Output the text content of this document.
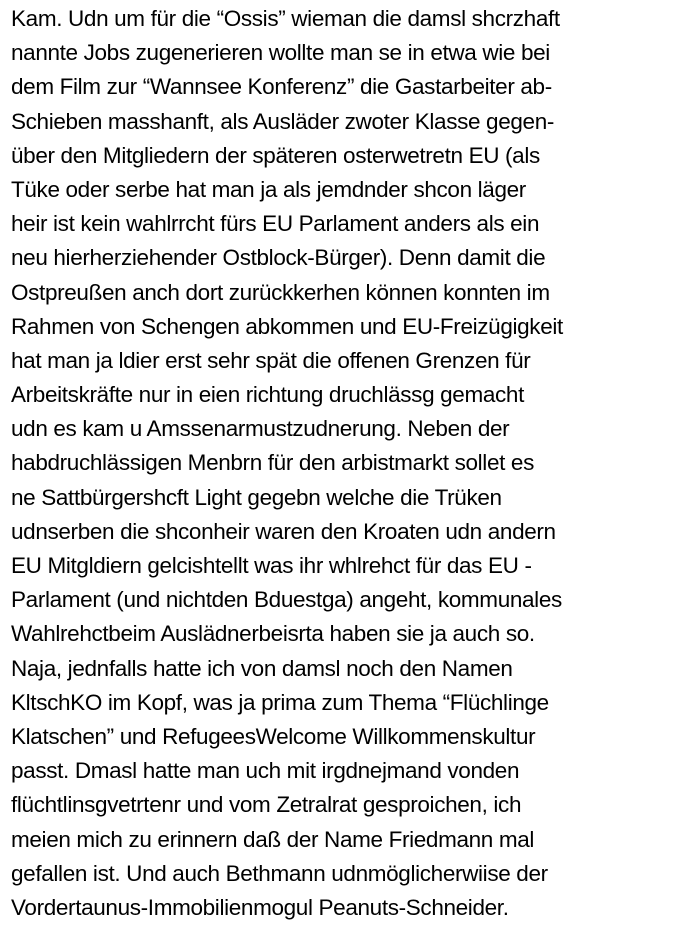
Kam. Udn um für die “Ossis” wieman die damsl shcrzhaft
nannte Jobs zugenerieren wollte man se in etwa wie bei
dem Film zur “Wannsee Konferenz” die Gastarbeiter ab-
Schieben masshanft, als Ausläder zwoter Klasse gegen-
über den Mitgliedern der späteren osterwetretn EU (als
Tüke oder serbe hat man ja als jemdnder shcon läger
heir ist kein wahlrrcht fürs EU Parlament anders als ein
neu hierherziehender Ostblock-Bürger). Denn damit die
Ostpreußen anch dort zurückkerhen können konnten im
Rahmen von Schengen abkommen und EU-Freizügigkeit
hat man ja ldier erst sehr spät die offenen Grenzen für
Arbeitskräfte nur in eien richtung druchlässg gemacht
udn es kam u Amssenarmustzudnerung. Neben der
habdruchlässigen Menbrn für den arbistmarkt sollet es
ne Sattbürgershcft Light gegebn welche die Trüken
udnserben die shconheir waren den Kroaten udn andern
EU Mitgldiern gelcishtellt was ihr whlrehct für das EU -
Parlament (und nichtden Bduestga) angeht, kommunales
Wahlrehctbeim Auslädnerbeisrta haben sie ja auch so.
Naja, jednfalls hatte ich von damsl noch den Namen
KltschKO im Kopf, was ja prima zum Thema “Flüchlinge
Klatschen” und RefugeesWelcome Willkommenskultur
passt. Dmasl hatte man uch mit irgdnejmand vonden
flüchtlinsgvetrtenr und vom Zetralrat gesproichen, ich
meien mich zu erinnern daß der Name Friedmann mal
gefallen ist. Und auch Bethmann udnmöglicherwiise der
Vordertaunus-Immobilienmogul Peanuts-Schneider.
